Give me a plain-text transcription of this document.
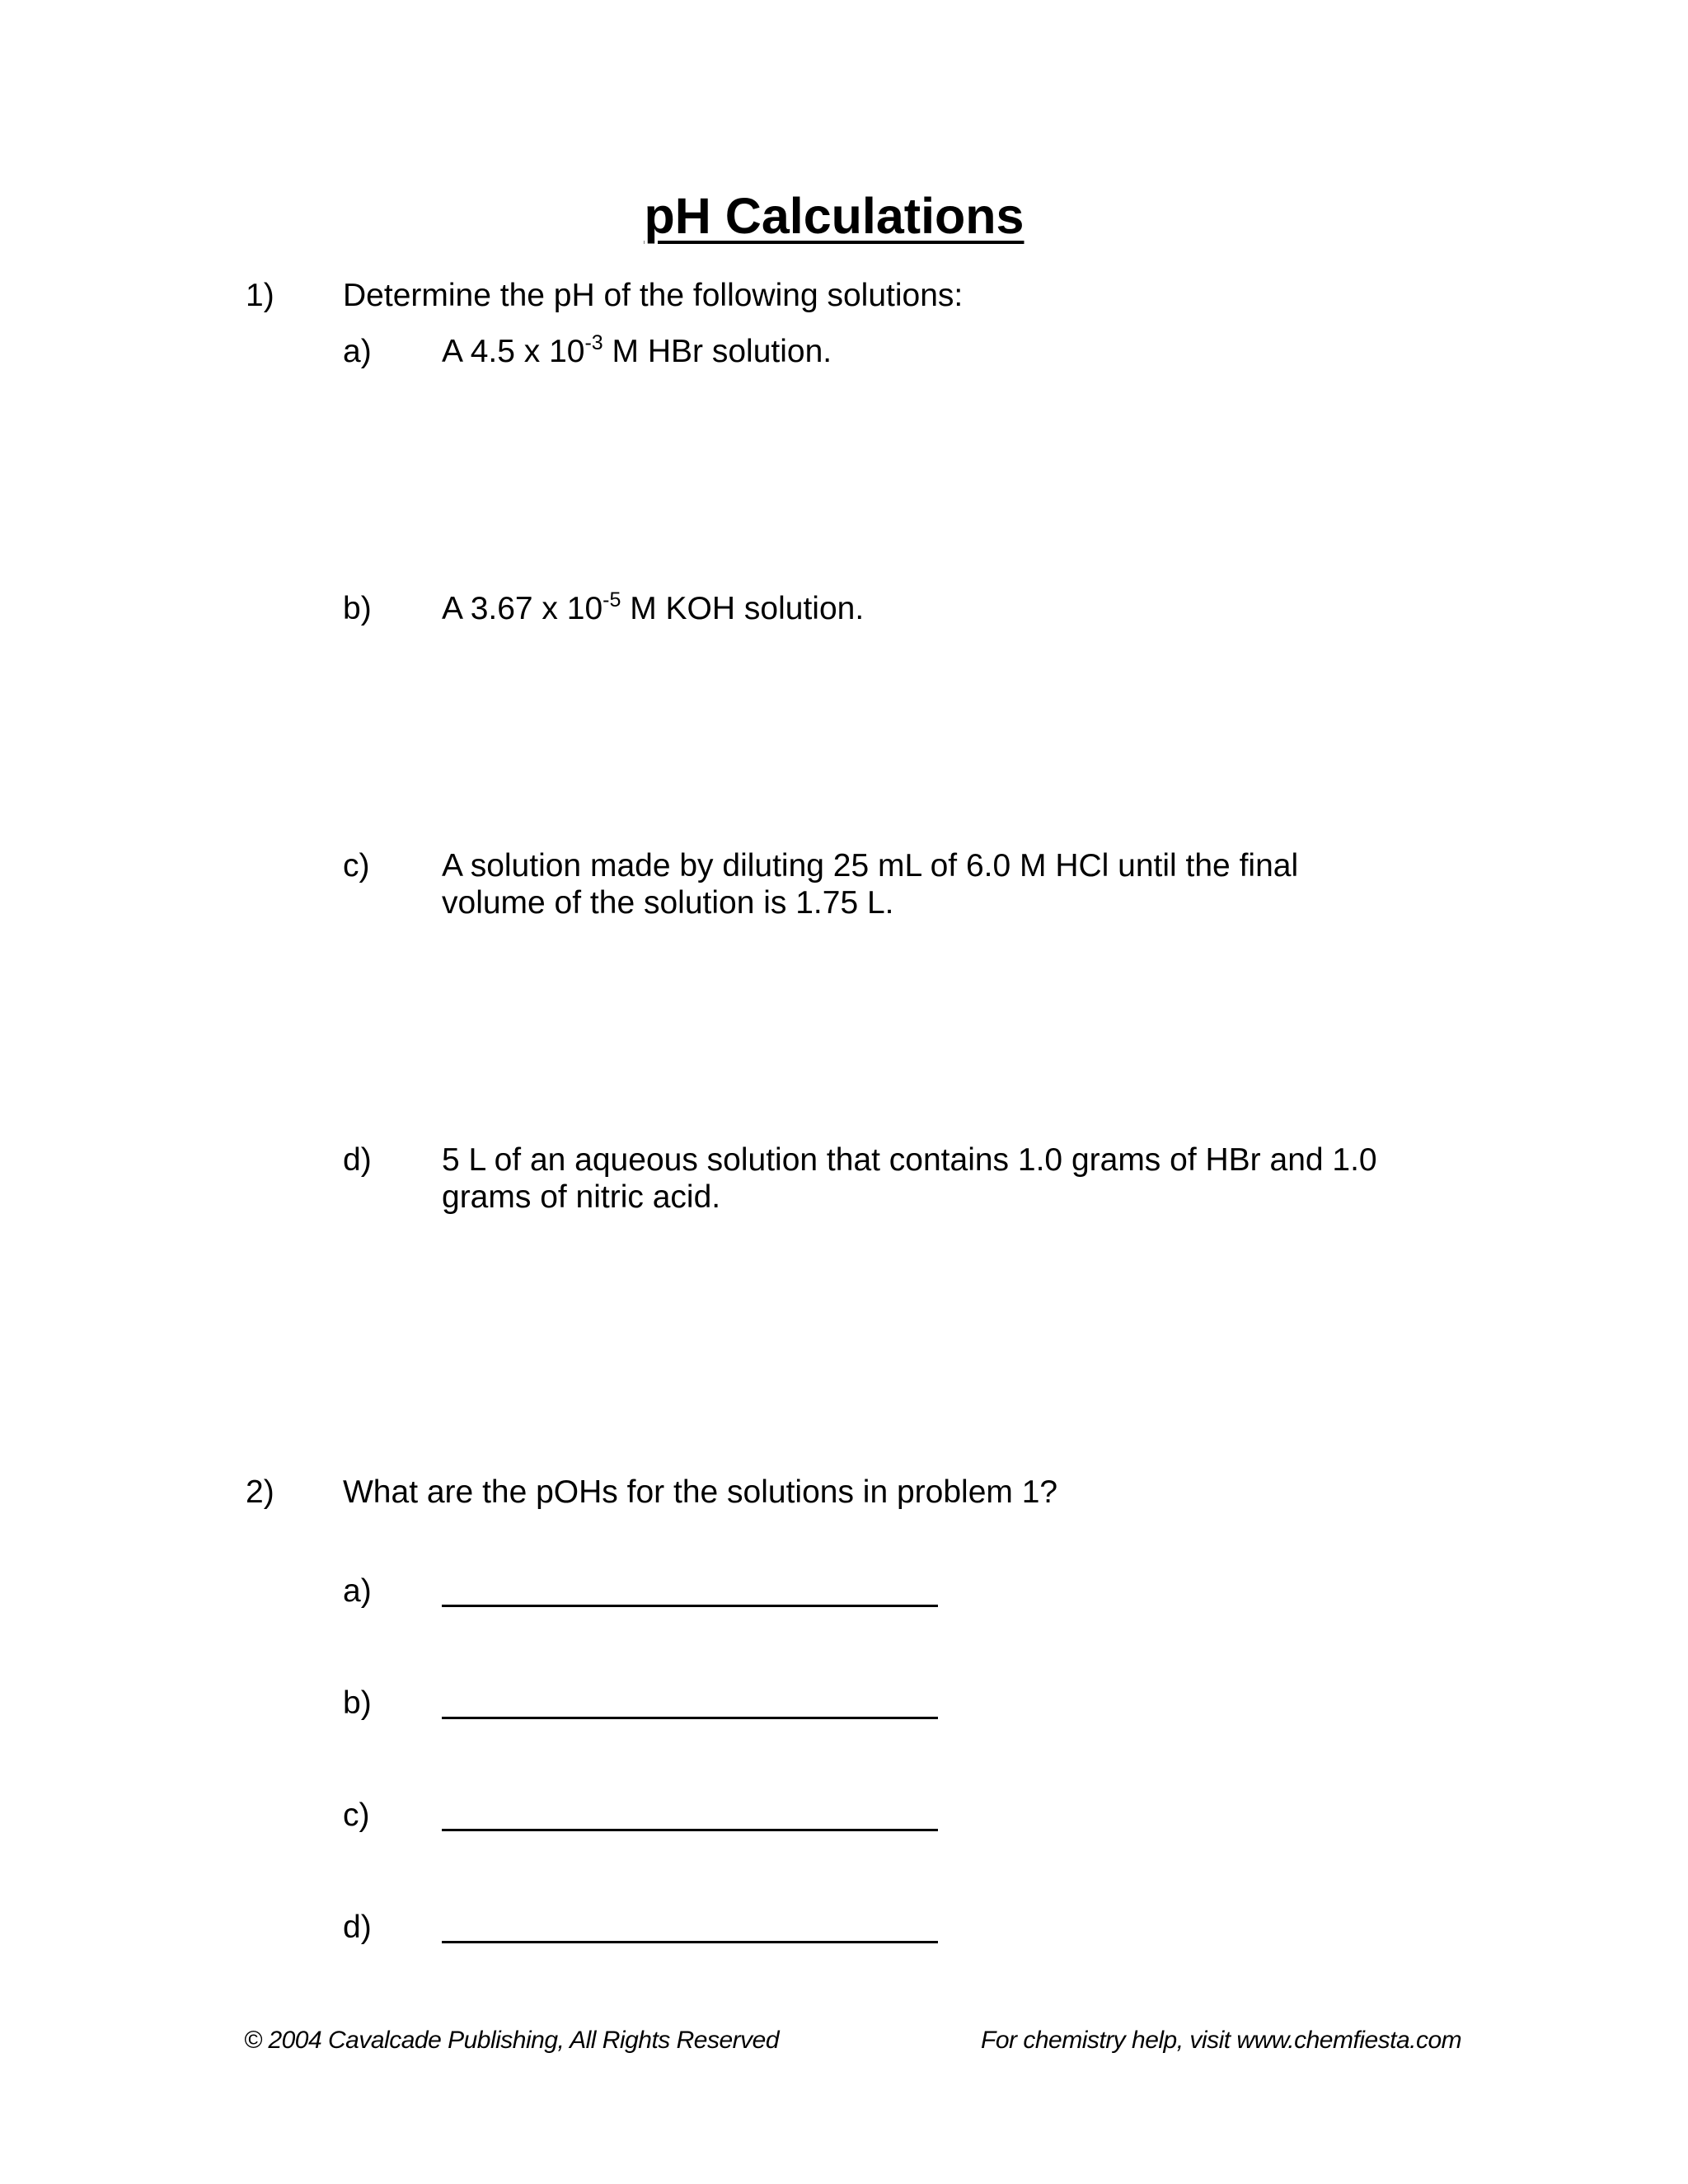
pH Calculations
1) Determine the pH of the following solutions:
a) A 4.5 x $10^{-3}$ M HBr solution.
b) A 3.67 x $10^{-5}$ M KOH solution.
c) A solution made by diluting 25 mL of 6.0 M HCl until the final
volume of the solution is 1.75 L.
d) 5 L of an aqueous solution that contains 1.0 grams of HBr and 1.0
grams of nitric acid.
2) What are the pOHs for the solutions in problem 1?
a)
b)
c)
d)
© 2004 Cavalcade Publishing, All Rights Reserved	For chemistry help, visit www.chemfiesta.com
